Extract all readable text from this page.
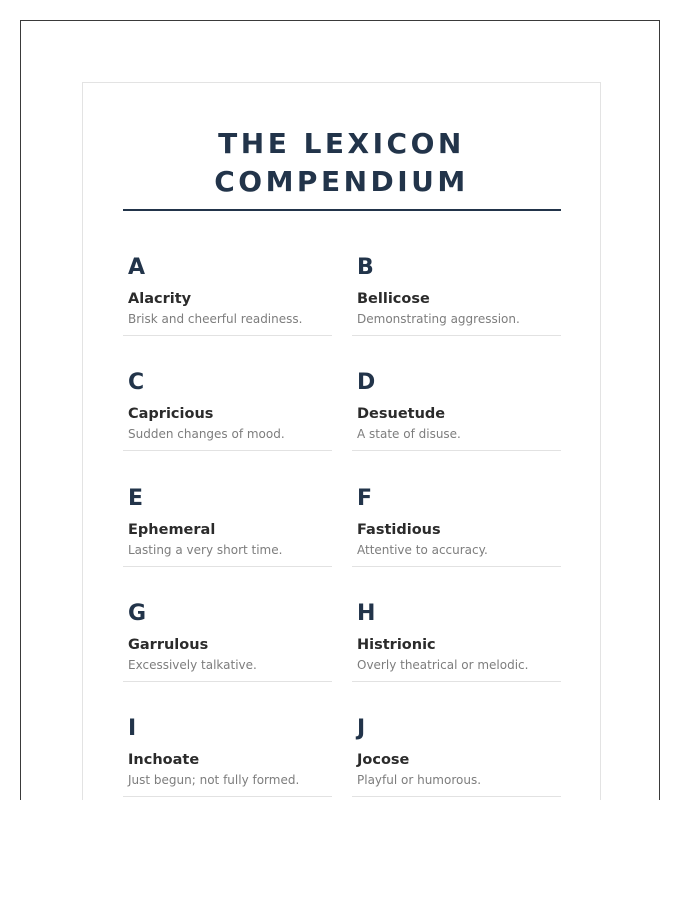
THE LEXICON
COMPENDIUM
A
Alacrity
Brisk and cheerful readiness.
B
Bellicose
Demonstrating aggression.
C
Capricious
Sudden changes of mood.
D
Desuetude
A state of disuse.
E
Ephemeral
Lasting a very short time.
F
Fastidious
Attentive to accuracy.
G
Garrulous
Excessively talkative.
H
Histrionic
Overly theatrical or melodic.
I
Inchoate
Just begun; not fully formed.
J
Jocose
Playful or humorous.
